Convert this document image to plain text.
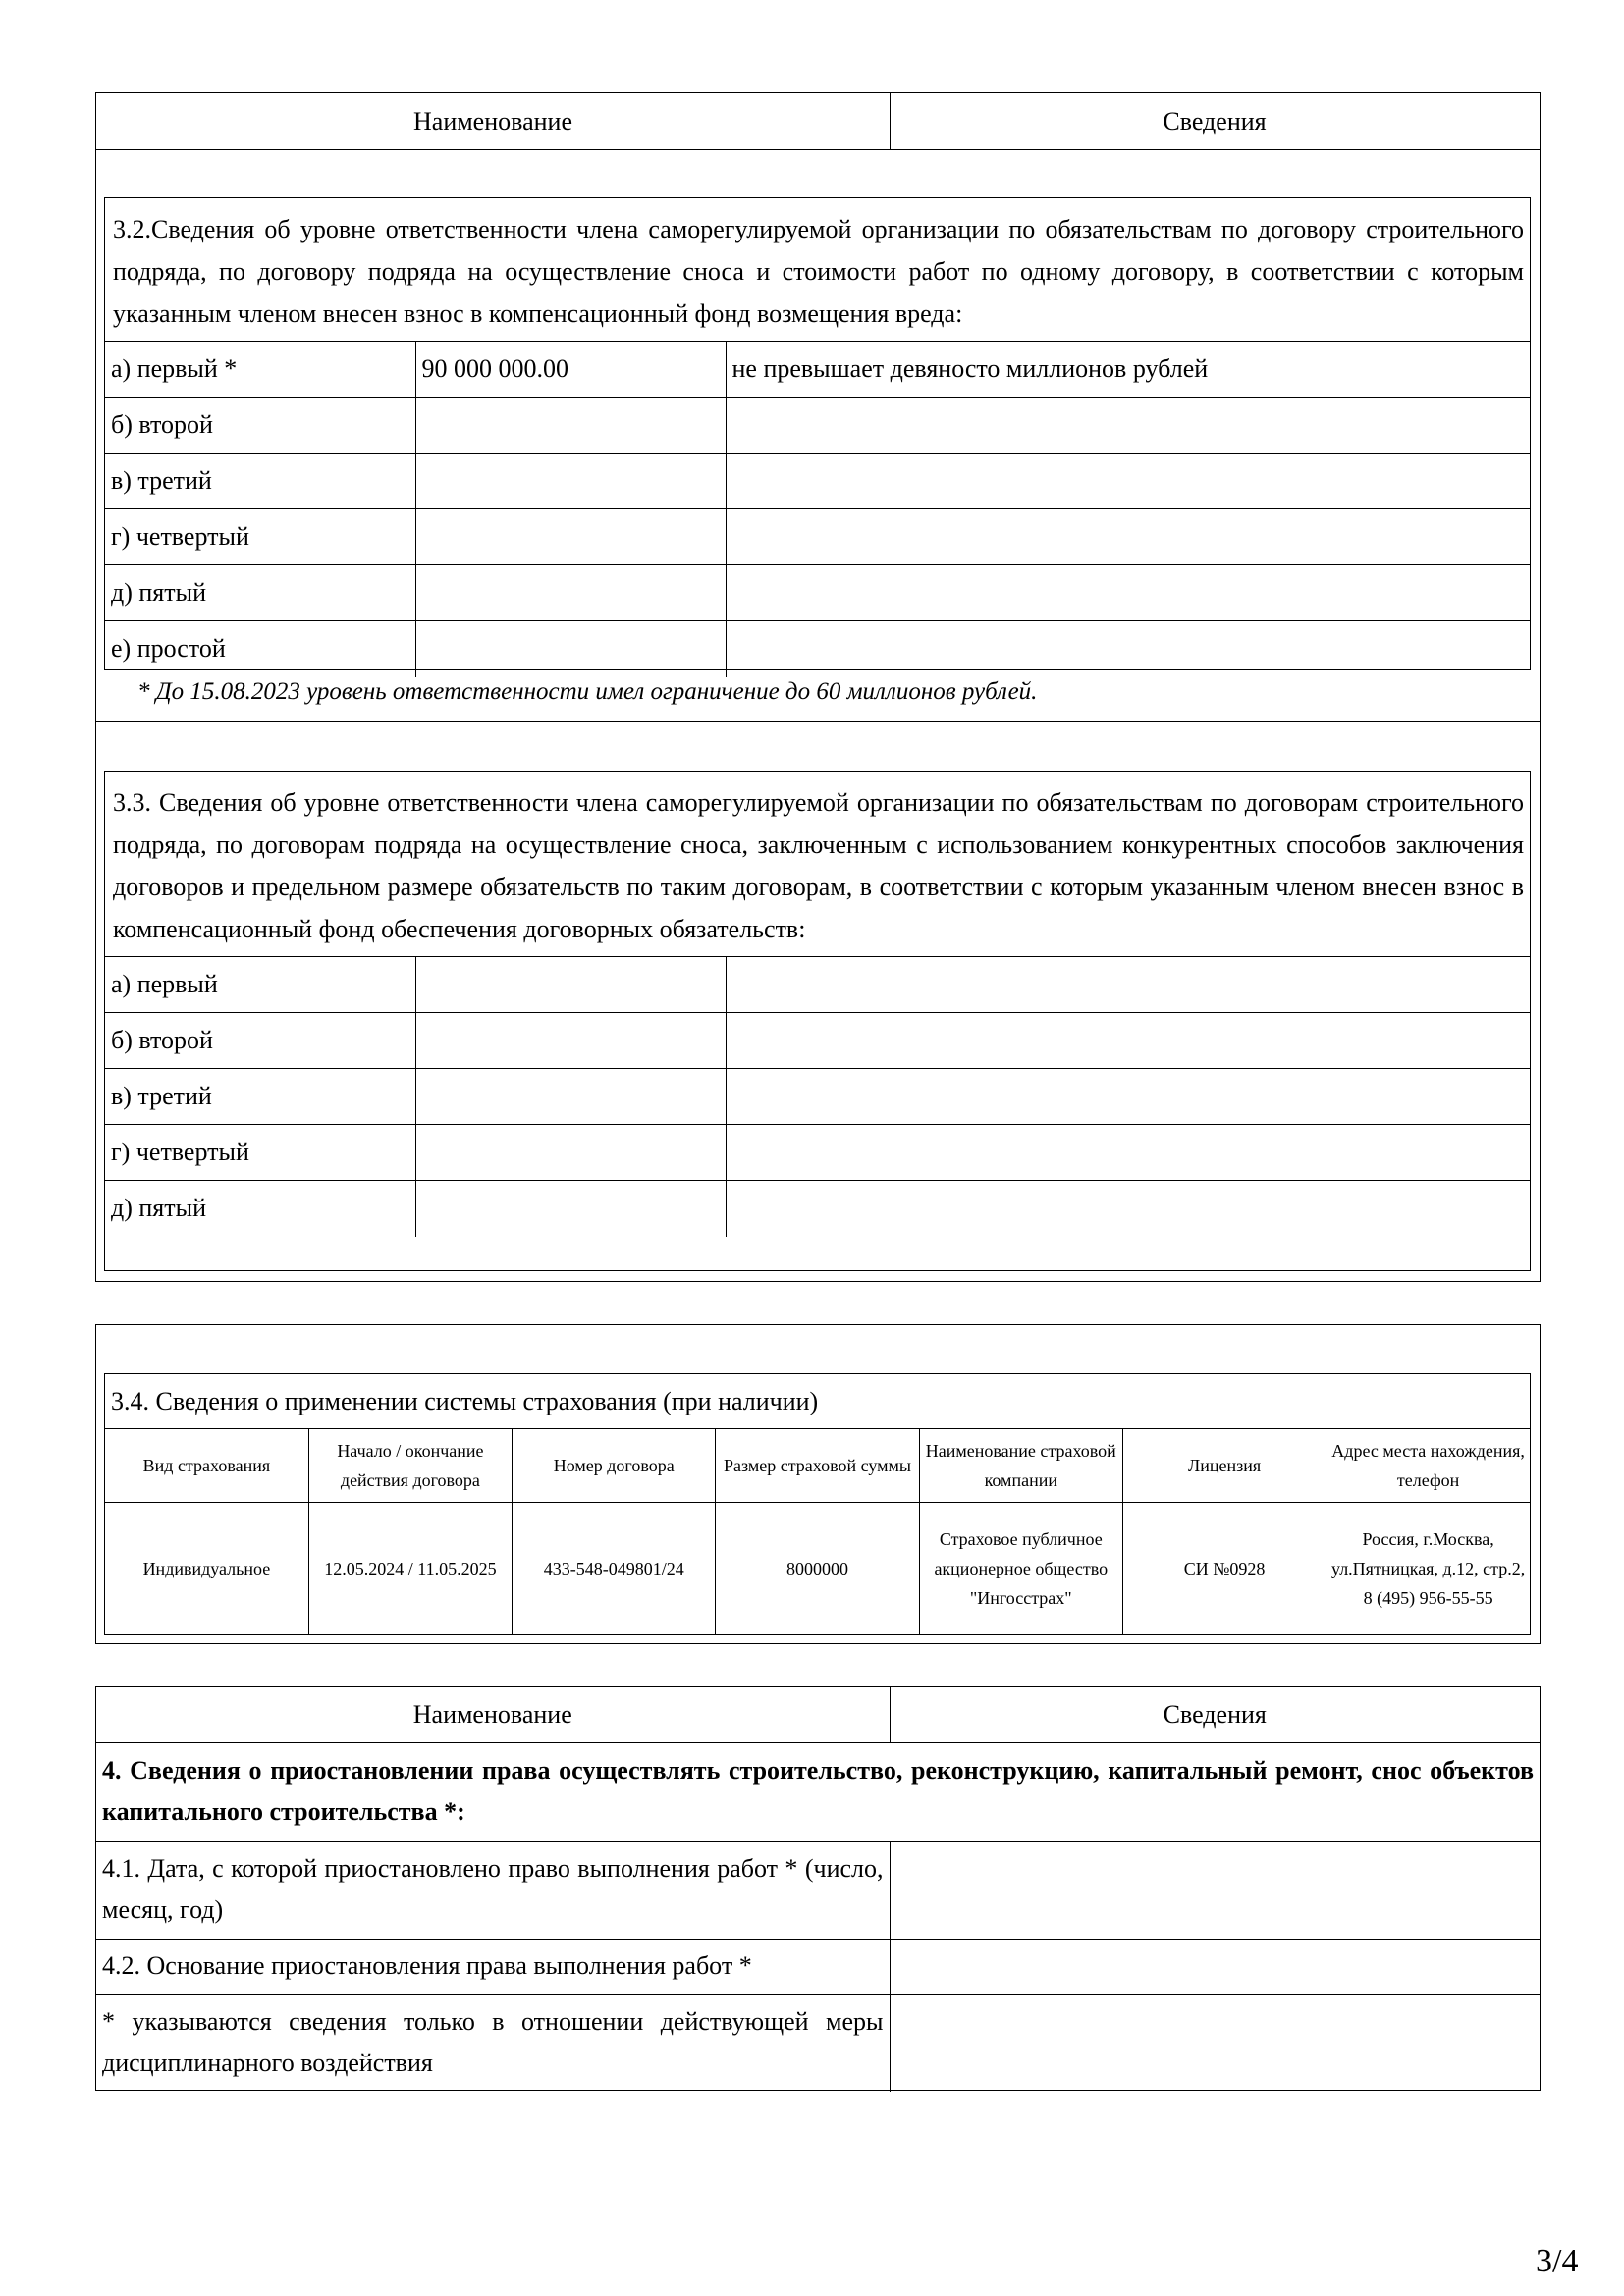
Наименование	Сведения
3.2.Сведения об уровне ответственности члена саморегулируемой организации по обязательствам по договору строительного подряда, по договору подряда на осуществление сноса и стоимости работ по одному договору, в соответствии с которым указанным членом внесен взнос в компенсационный фонд возмещения вреда:
а) первый *	90 000 000.00	не превышает девяносто миллионов рублей
б) второй		
в) третий		
г) четвертый		
д) пятый		
е) простой		
* До 15.08.2023 уровень ответственности имел ограничение до 60 миллионов рублей.
3.3. Сведения об уровне ответственности члена саморегулируемой организации по обязательствам по договорам строительного подряда, по договорам подряда на осуществление сноса, заключенным с использованием конкурентных способов заключения договоров и предельном размере обязательств по таким договорам, в соответствии с которым указанным членом внесен взнос в компенсационный фонд обеспечения договорных обязательств:
а) первый		
б) второй		
в) третий		
г) четвертый		
д) пятый		
3.4. Сведения о применении системы страхования (при наличии)
Вид страхования	Начало / окончание действия договора	Номер договора	Размер страховой суммы	Наименование страховой компании	Лицензия	Адрес места нахождения, телефон
Индивидуальное	12.05.2024 / 11.05.2025	433-548-049801/24	8000000	Страховое публичное акционерное общество "Ингосстрах"	СИ №0928	Россия, г.Москва, ул.Пятницкая, д.12, стр.2, 8 (495) 956-55-55
Наименование	Сведения
4. Сведения о приостановлении права осуществлять строительство, реконструкцию, капитальный ремонт, снос объектов капитального строительства *:	
4.1. Дата, с которой приостановлено право выполнения работ * (число, месяц, год)	
4.2. Основание приостановления права выполнения работ *	
* указываются сведения только в отношении действующей меры дисциплинарного воздействия	
3/4
